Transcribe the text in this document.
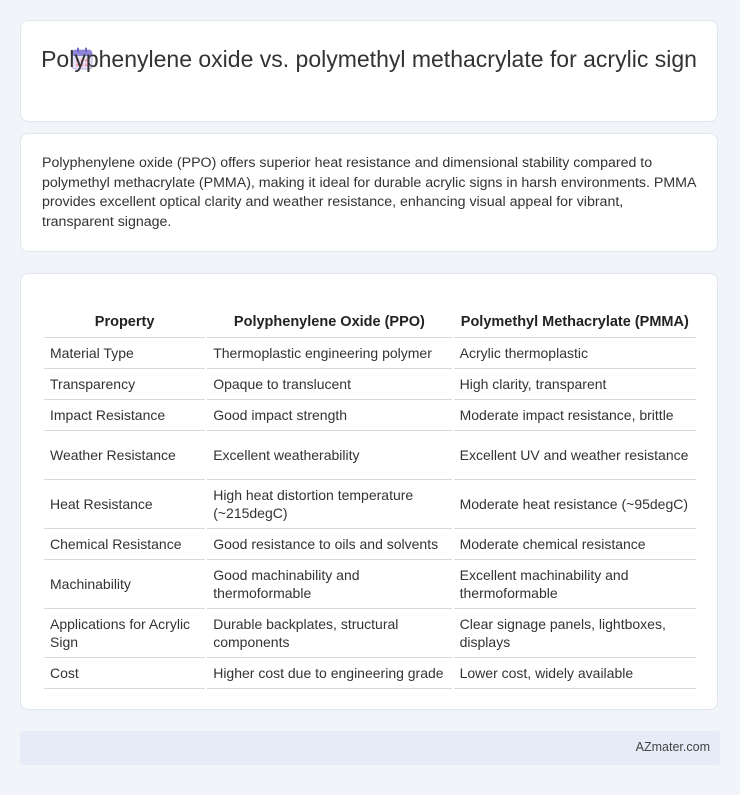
Polyphenylene oxide vs. polymethyl methacrylate for acrylic sign
Polyphenylene oxide (PPO) offers superior heat resistance and dimensional stability compared to polymethyl methacrylate (PMMA), making it ideal for durable acrylic signs in harsh environments. PMMA provides excellent optical clarity and weather resistance, enhancing visual appeal for vibrant, transparent signage.
Property	Polyphenylene Oxide (PPO)	Polymethyl Methacrylate (PMMA)
Material Type	Thermoplastic engineering polymer	Acrylic thermoplastic
Transparency	Opaque to translucent	High clarity, transparent
Impact Resistance	Good impact strength	Moderate impact resistance, brittle
Weather Resistance	Excellent weatherability	Excellent UV and weather resistance
Heat Resistance	High heat distortion temperature (~215degC)	Moderate heat resistance (~95degC)
Chemical Resistance	Good resistance to oils and solvents	Moderate chemical resistance
Machinability	Good machinability and thermoformable	Excellent machinability and thermoformable
Applications for Acrylic Sign	Durable backplates, structural components	Clear signage panels, lightboxes, displays
Cost	Higher cost due to engineering grade	Lower cost, widely available
AZmater.com
